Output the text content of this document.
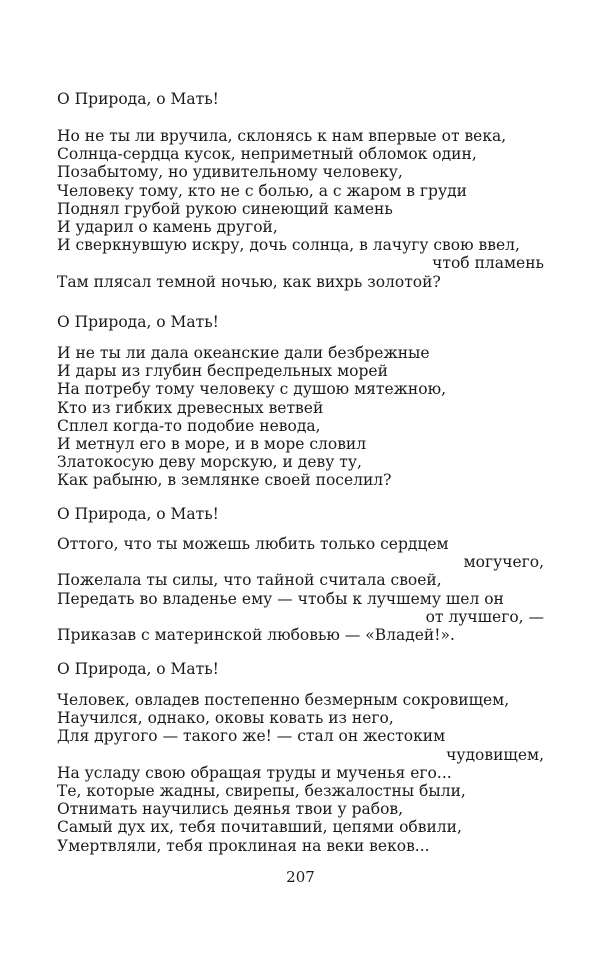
О Природа, о Мать!
Но не ты ли вручила, склонясь к нам впервые от века,
Солнца-сердца кусок, неприметный обломок один,
Позабытому, но удивительному человеку,
Человеку тому, кто не с болью, а с жаром в груди
Поднял грубой рукою синеющий камень
И ударил о камень другой,
И сверкнувшую искру, дочь солнца, в лачугу свою ввел,
чтоб пламень
Там плясал темной ночью, как вихрь золотой?
О Природа, о Мать!
И не ты ли дала океанские дали безбрежные
И дары из глубин беспредельных морей
На потребу тому человеку с душою мятежною,
Кто из гибких древесных ветвей
Сплел когда-то подобие невода,
И метнул его в море, и в море словил
Златокосую деву морскую, и деву ту,
Как рабыню, в землянке своей поселил?
О Природа, о Мать!
Оттого, что ты можешь любить только сердцем
могучего,
Пожелала ты силы, что тайной считала своей,
Передать во владенье ему — чтобы к лучшему шел он
от лучшего, —
Приказав с материнской любовью — «Владей!».
О Природа, о Мать!
Человек, овладев постепенно безмерным сокровищем,
Научился, однако, оковы ковать из него,
Для другого — такого же! — стал он жестоким
чудовищем,
На усладу свою обращая труды и мученья его...
Те, которые жадны, свирепы, безжалостны были,
Отнимать научились деянья твои у рабов,
Самый дух их, тебя почитавший, цепями обвили,
Умертвляли, тебя проклиная на веки веков...
207
